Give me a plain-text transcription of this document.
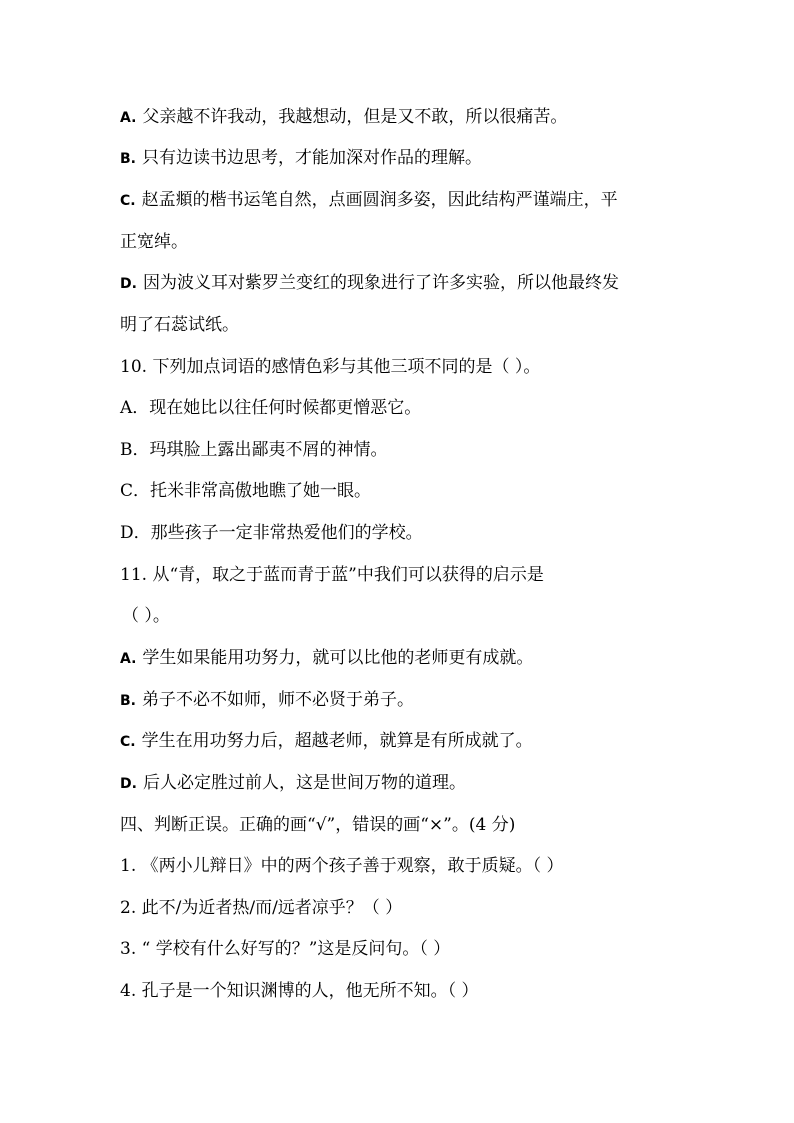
A. 父亲越不许我动，我越想动，但是又不敢，所以很痛苦。
B. 只有边读书边思考，才能加深对作品的理解。
C. 赵孟頫的楷书运笔自然，点画圆润多姿，因此结构严谨端庄，平
正宽绰。
D. 因为波义耳对紫罗兰变红的现象进行了许多实验，所以他最终发
明了石蕊试纸。
10. 下列加点词语的感情色彩与其他三项不同的是（ ）。
A．现在她比以往任何时候都更憎恶它。
B．玛琪脸上露出鄙夷不屑的神情。
C．托米非常高傲地瞧了她一眼。
D．那些孩子一定非常热爱他们的学校。
11. 从“青，取之于蓝而青于蓝”中我们可以获得的启示是
（ ）。
A. 学生如果能用功努力，就可以比他的老师更有成就。
B. 弟子不必不如师，师不必贤于弟子。
C. 学生在用功努力后，超越老师，就算是有所成就了。
D. 后人必定胜过前人，这是世间万物的道理。
四、判断正误。正确的画“√”，错误的画“×”。(4 分)
1. 《两小儿辩日》中的两个孩子善于观察，敢于质疑。（ ）
2. 此不/为近者热/而/远者凉乎？（ ）
3. “ 学校有什么好写的？”这是反问句。（ ）
4. 孔子是一个知识渊博的人，他无所不知。（ ）
